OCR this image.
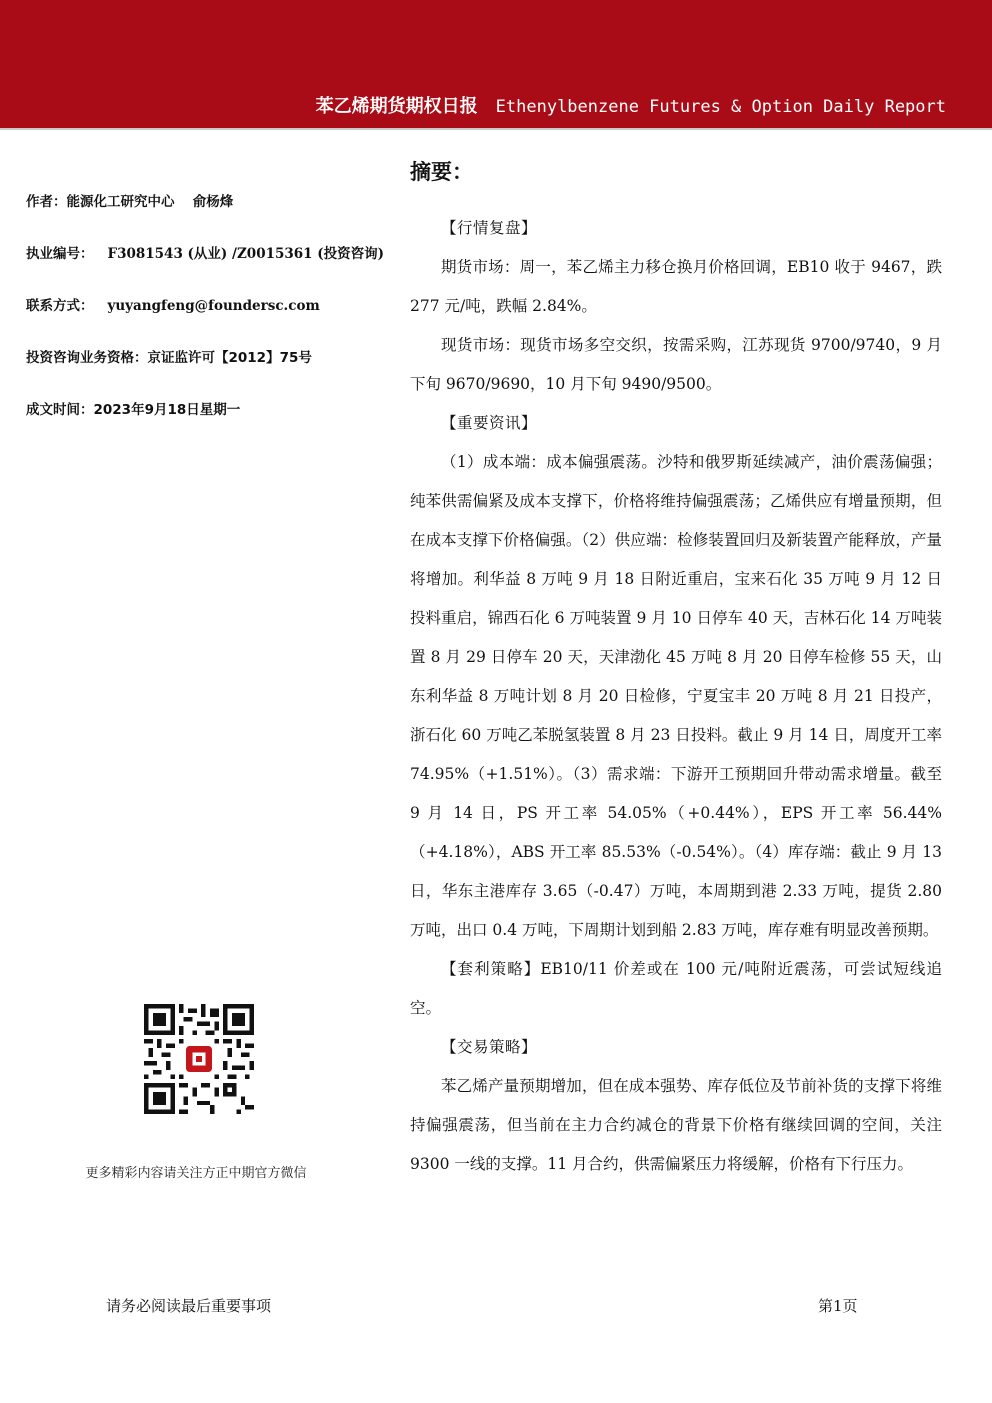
苯乙烯期货期权日报 Ethenylbenzene Futures & Option Daily Report
作者：能源化工研究中心　 俞杨烽
执业编号： F3081543 (从业) /Z0015361 (投资咨询)
联系方式： yuyangfeng@foundersc.com
投资咨询业务资格：京证监许可【2012】75号
成文时间：2023年9月18日星期一
更多精彩内容请关注方正中期官方微信
摘要：

【行情复盘】

期货市场：周一，苯乙烯主力移仓换月价格回调，EB10 收于 9467，跌 277 元/吨，跌幅 2.84%。

现货市场：现货市场多空交织，按需采购，江苏现货 9700/9740，9 月下旬 9670/9690，10 月下旬 9490/9500。

【重要资讯】

（1）成本端：成本偏强震荡。沙特和俄罗斯延续减产，油价震荡偏强；纯苯供需偏紧及成本支撑下，价格将维持偏强震荡；乙烯供应有增量预期，但在成本支撑下价格偏强。（2）供应端：检修装置回归及新装置产能释放，产量将增加。利华益 8 万吨 9 月 18 日附近重启，宝来石化 35 万吨 9 月 12 日投料重启，锦西石化 6 万吨装置 9 月 10 日停车 40 天，吉林石化 14 万吨装置 8 月 29 日停车 20 天，天津渤化 45 万吨 8 月 20 日停车检修 55 天，山东利华益 8 万吨计划 8 月 20 日检修，宁夏宝丰 20 万吨 8 月 21 日投产，浙石化 60 万吨乙苯脱氢装置 8 月 23 日投料。截止 9 月 14 日，周度开工率 74.95%（+1.51%）。（3）需求端：下游开工预期回升带动需求增量。截至 9 月 14 日，PS 开工率 54.05%（+0.44%），EPS 开工率 56.44%（+4.18%），ABS 开工率 85.53%（-0.54%）。（4）库存端：截止 9 月 13 日，华东主港库存 3.65（-0.47）万吨，本周期到港 2.33 万吨，提货 2.80 万吨，出口 0.4 万吨，下周期计划到船 2.83 万吨，库存难有明显改善预期。

【套利策略】EB10/11 价差或在 100 元/吨附近震荡，可尝试短线追空。

【交易策略】

苯乙烯产量预期增加，但在成本强势、库存低位及节前补货的支撑下将维持偏强震荡，但当前在主力合约减仓的背景下价格有继续回调的空间，关注 9300 一线的支撑。11 月合约，供需偏紧压力将缓解，价格有下行压力。

请务必阅读最后重要事项	第1页
